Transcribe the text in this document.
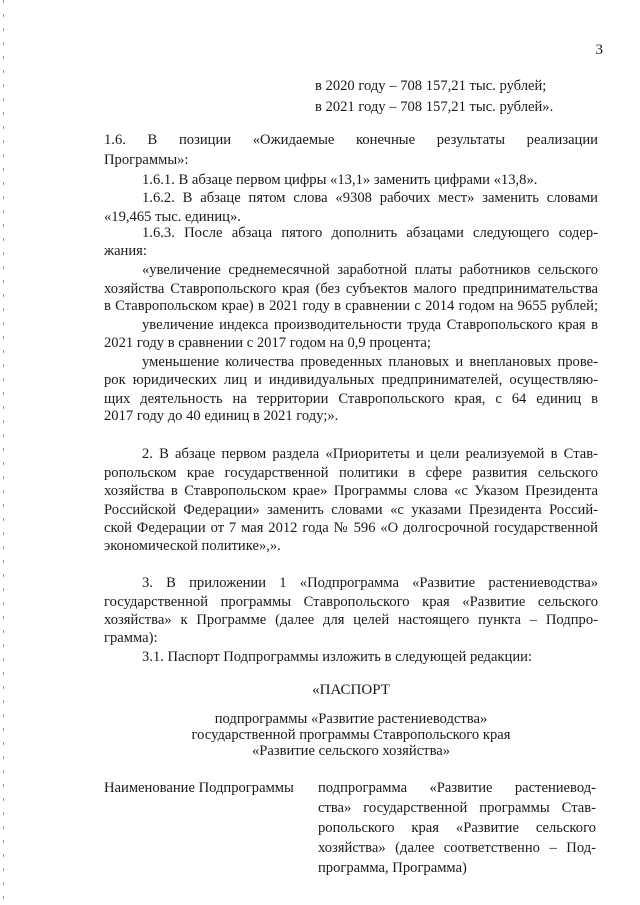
3
в 2020 году – 708 157,21 тыс. рублей;
в 2021 году – 708 157,21 тыс. рублей».
1.6. В позиции «Ожидаемые конечные результаты реализации
Программы»:
1.6.1. В абзаце первом цифры «13,1» заменить цифрами «13,8».
1.6.2. В абзаце пятом слова «9308 рабочих мест» заменить словами
«19,465 тыс. единиц».
1.6.3. После абзаца пятого дополнить абзацами следующего содер-
жания:
«увеличение среднемесячной заработной платы работников сельского
хозяйства Ставропольского края (без субъектов малого предпринимательства
в Ставропольском крае) в 2021 году в сравнении с 2014 годом на 9655 рублей;
увеличение индекса производительности труда Ставропольского края в
2021 году в сравнении с 2017 годом на 0,9 процента;
уменьшение количества проведенных плановых и внеплановых прове-
рок юридических лиц и индивидуальных предпринимателей, осуществляю-
щих деятельность на территории Ставропольского края, с 64 единиц в
2017 году до 40 единиц в 2021 году;».
2. В абзаце первом раздела «Приоритеты и цели реализуемой в Став-
ропольском крае государственной политики в сфере развития сельского
хозяйства в Ставропольском крае» Программы слова «с Указом Президента
Российской Федерации» заменить словами «с указами Президента Россий-
ской Федерации от 7 мая 2012 года № 596 «О долгосрочной государственной
экономической политике»,».
3. В приложении 1 «Подпрограмма «Развитие растениеводства»
государственной программы Ставропольского края «Развитие сельского
хозяйства» к Программе (далее для целей настоящего пункта – Подпро-
грамма):
3.1. Паспорт Подпрограммы изложить в следующей редакции:
«ПАСПОРТ
подпрограммы «Развитие растениеводства»
государственной программы Ставропольского края
«Развитие сельского хозяйства»
Наименование Подпрограммы подпрограмма «Развитие растениевод-
ства» государственной программы Став-
ропольского края «Развитие сельского
хозяйства» (далее соответственно – Под-
программа, Программа)
